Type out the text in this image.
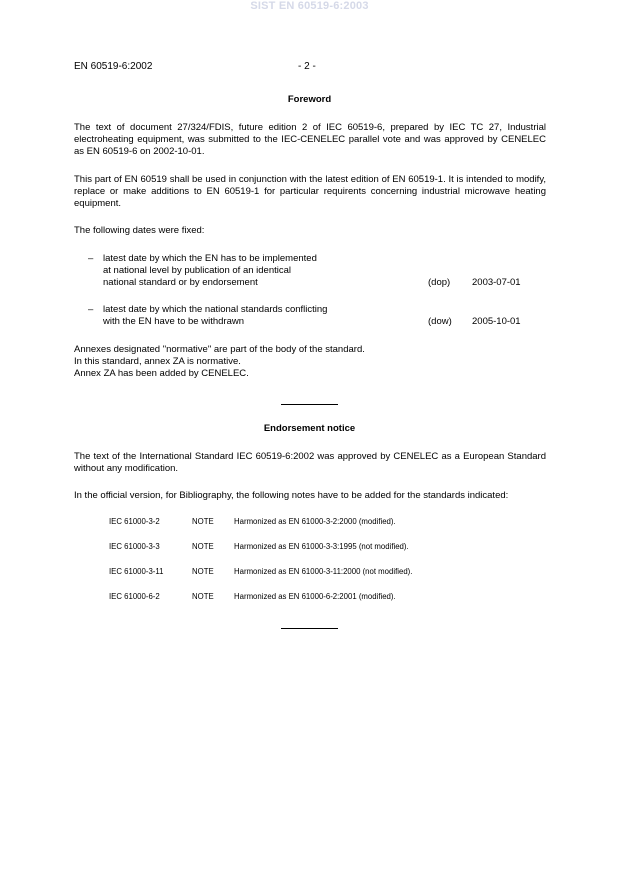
SIST EN 60519-6:2003
EN 60519-6:2002	- 2 -
Foreword
The text of document 27/324/FDIS, future edition 2 of IEC 60519-6, prepared by IEC TC 27, Industrial electroheating equipment, was submitted to the IEC-CENELEC parallel vote and was approved by CENELEC as EN 60519-6 on 2002-10-01.
This part of EN 60519 shall be used in conjunction with the latest edition of EN 60519-1. It is intended to modify, replace or make additions to EN 60519-1 for particular requirents concerning industrial microwave heating equipment.
The following dates were fixed:
– latest date by which the EN has to be implemented
at national level by publication of an identical
national standard or by endorsement	(dop) 2003-07-01
– latest date by which the national standards conflicting
with the EN have to be withdrawn	(dow) 2005-10-01
Annexes designated "normative" are part of the body of the standard.
In this standard, annex ZA is normative.
Annex ZA has been added by CENELEC.
Endorsement notice
The text of the International Standard IEC 60519-6:2002 was approved by CENELEC as a European Standard without any modification.
In the official version, for Bibliography, the following notes have to be added for the standards indicated:
IEC 61000-3-2	NOTE	Harmonized as EN 61000-3-2:2000 (modified).
IEC 61000-3-3	NOTE	Harmonized as EN 61000-3-3:1995 (not modified).
IEC 61000-3-11	NOTE	Harmonized as EN 61000-3-11:2000 (not modified).
IEC 61000-6-2	NOTE	Harmonized as EN 61000-6-2:2001 (modified).
